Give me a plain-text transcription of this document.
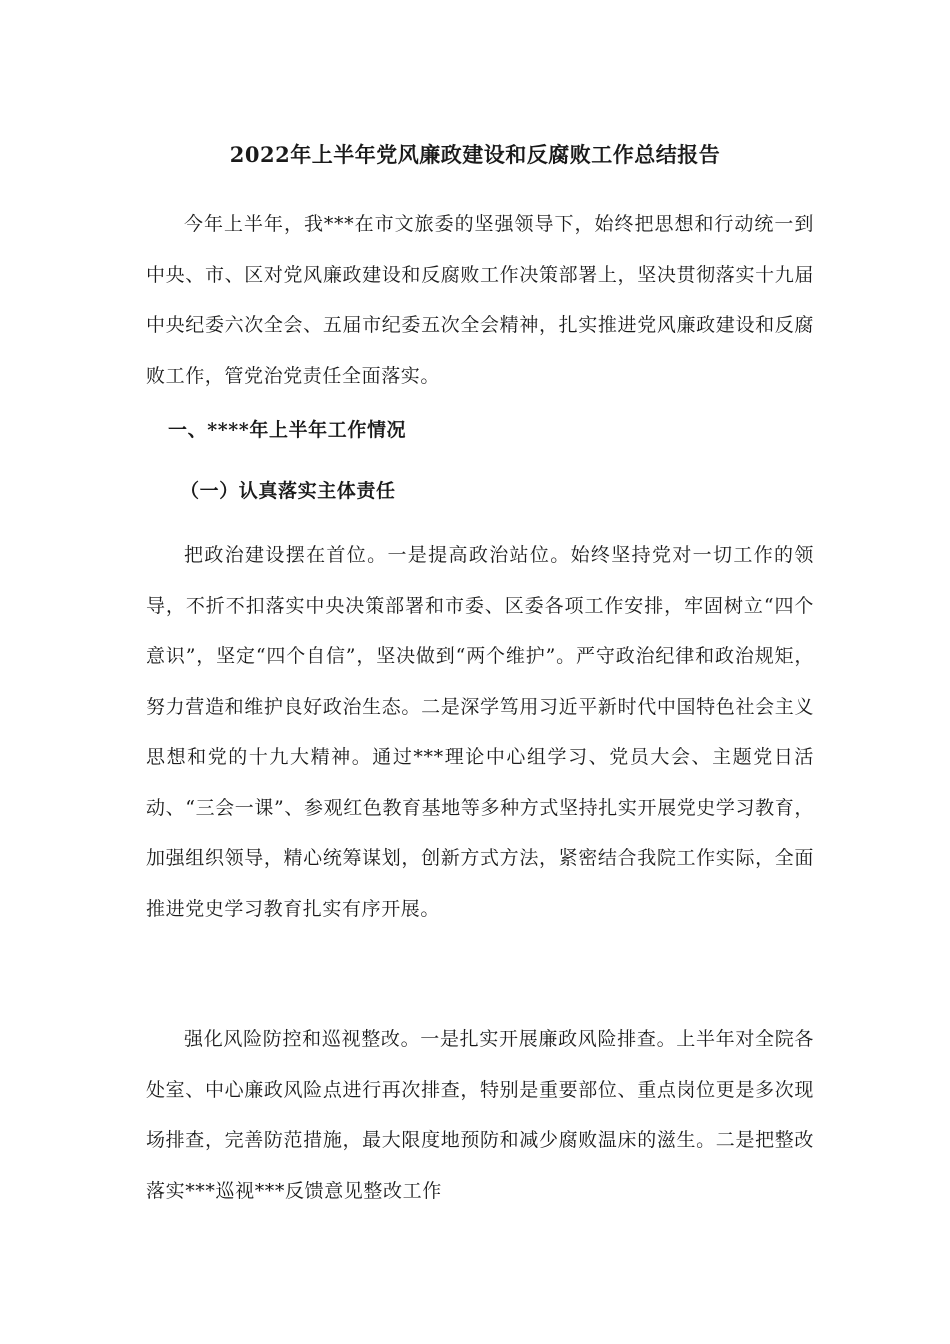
2022年上半年党风廉政建设和反腐败工作总结报告
今年上半年，我***在市文旅委的坚强领导下，始终把思想和行动统一到中央、市、区对党风廉政建设和反腐败工作决策部署上，坚决贯彻落实十九届中央纪委六次全会、五届市纪委五次全会精神，扎实推进党风廉政建设和反腐败工作，管党治党责任全面落实。
一、****年上半年工作情况
（一）认真落实主体责任
把政治建设摆在首位。一是提高政治站位。始终坚持党对一切工作的领导，不折不扣落实中央决策部署和市委、区委各项工作安排，牢固树立“四个意识”，坚定“四个自信”，坚决做到“两个维护”。严守政治纪律和政治规矩，努力营造和维护良好政治生态。二是深学笃用习近平新时代中国特色社会主义思想和党的十九大精神。通过***理论中心组学习、党员大会、主题党日活动、“三会一课”、参观红色教育基地等多种方式坚持扎实开展党史学习教育，加强组织领导，精心统筹谋划，创新方式方法，紧密结合我院工作实际，全面推进党史学习教育扎实有序开展。
强化风险防控和巡视整改。一是扎实开展廉政风险排查。上半年对全院各处室、中心廉政风险点进行再次排查，特别是重要部位、重点岗位更是多次现场排查，完善防范措施，最大限度地预防和减少腐败温床的滋生。二是把整改落实***巡视***反馈意见整改工作
